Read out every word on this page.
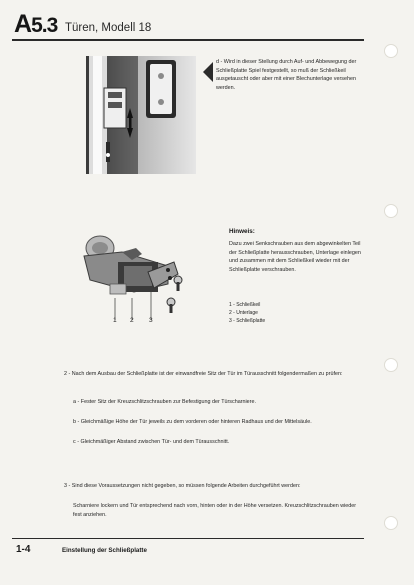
A5.3 Türen, Modell 18
d - Wird in dieser Stellung durch Auf- und Abbewegung der Schließplatte Spiel festgestellt, so muß der Schließkeil ausgetauscht oder aber mit einer Blechunterlage versehen werden.
Hinweis:
Dazu zwei Senkschrauben aus dem abgewinkelten Teil der Schließplatte herausschrauben, Unterlage einlegen und zusammen mit dem Schließkeil wieder mit der Schließplatte verschrauben.
1 2 3
1 - Schließkeil
2 - Unterlage
3 - Schließplatte
2 - Nach dem Ausbau der Schließplatte ist der einwandfreie Sitz der Tür im Türausschnitt folgendermaßen zu prüfen:
a - Fester Sitz der Kreuzschlitzschrauben zur Befestigung der Türscharniere.
b - Gleichmäßige Höhe der Tür jeweils zu dem vorderen oder hinteren Radhaus und der Mittelsäule.
c - Gleichmäßiger Abstand zwischen Tür- und dem Türausschnitt.
3 - Sind diese Voraussetzungen nicht gegeben, so müssen folgende Arbeiten durchgeführt werden:
Scharniere lockern und Tür entsprechend nach vorn, hinten oder in der Höhe versetzen. Kreuzschlitzschrauben wieder fest anziehen.
1-4	Einstellung der Schließplatte
